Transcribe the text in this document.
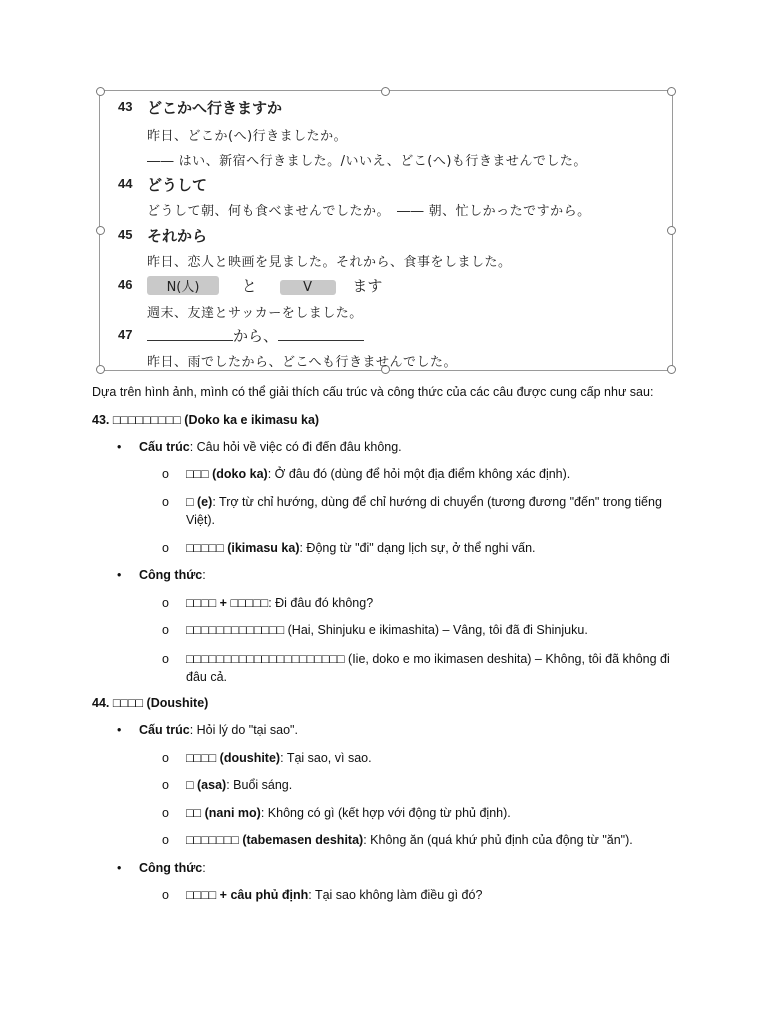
43 どこかへ行きますか
昨日、どこか(へ)行きましたか。
―― はい、新宿へ行きました。/いいえ、どこ(へ)も行きませんでした。
44 どうして
どうして朝、何も食べませんでしたか。　―― 朝、忙しかったですから。
45 それから
昨日、恋人と映画を見ました。それから、食事をしました。
46	N(人)	と	V	ます
週末、友達とサッカーをしました。
47	から、
昨日、雨でしたから、どこへも行きませんでした。
Dựa trên hình ảnh, mình có thể giải thích cấu trúc và công thức của các câu được cung cấp như sau:
43. □□□□□□□□□ (Doko ka e ikimasu ka)
• Cấu trúc: Câu hỏi về việc có đi đến đâu không.
o □□□ (doko ka): Ở đâu đó (dùng để hỏi một địa điểm không xác định).
o □ (e): Trợ từ chỉ hướng, dùng để chỉ hướng di chuyển (tương đương "đến" trong tiếng Việt).
o □□□□□ (ikimasu ka): Động từ "đi" dạng lịch sự, ở thể nghi vấn.
• Công thức:
o □□□□ + □□□□□: Đi đâu đó không?
o □□□□□□□□□□□□□ (Hai, Shinjuku e ikimashita) – Vâng, tôi đã đi Shinjuku.
o □□□□□□□□□□□□□□□□□□□□□ (Iie, doko e mo ikimasen deshita) – Không, tôi đã không đi đâu cả.
44. □□□□ (Doushite)
• Cấu trúc: Hỏi lý do "tại sao".
o □□□□ (doushite): Tại sao, vì sao.
o □ (asa): Buổi sáng.
o □□ (nani mo): Không có gì (kết hợp với động từ phủ định).
o □□□□□□□ (tabemasen deshita): Không ăn (quá khứ phủ định của động từ "ăn").
• Công thức:
o □□□□ + câu phủ định: Tại sao không làm điều gì đó?
